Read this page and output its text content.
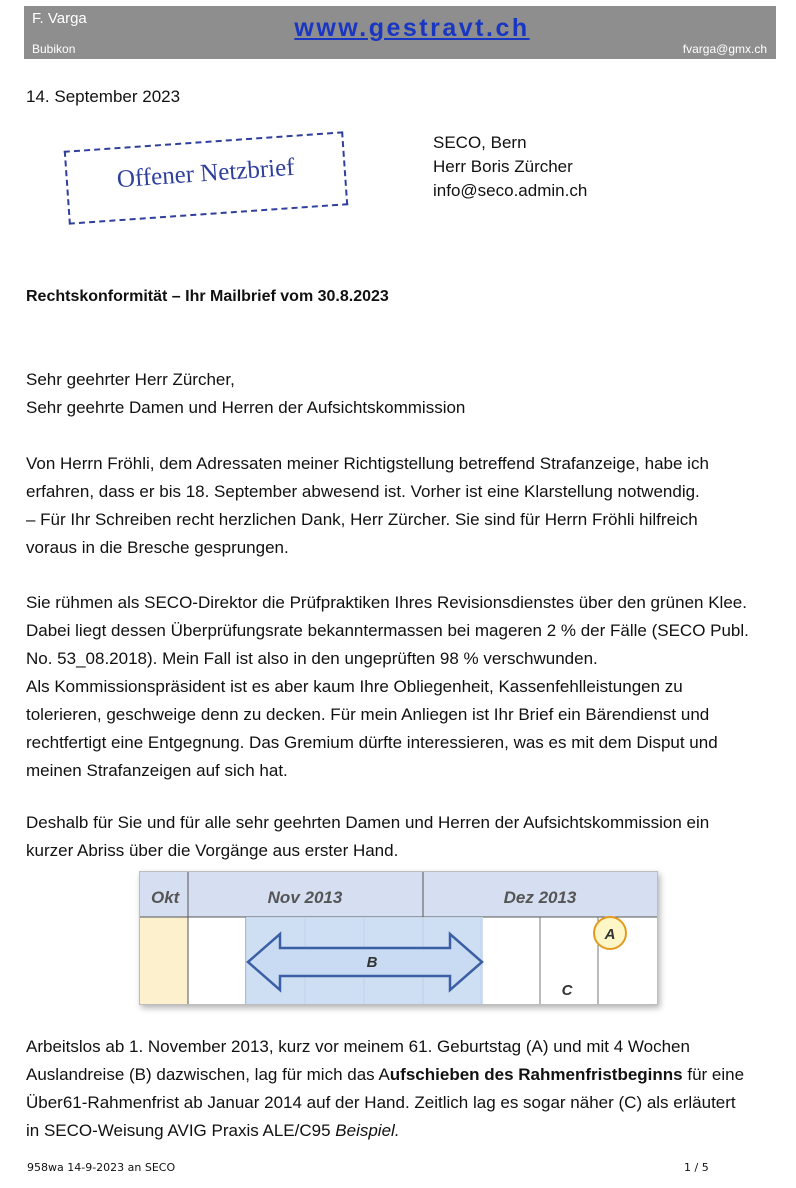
F. Varga
Bubikon
www.gestravt.ch
fvarga@gmx.ch

14. September 2023

Offener Netzbrief
SECO, Bern
Herr Boris Zürcher
info@seco.admin.ch

Rechtskonformität – Ihr Mailbrief vom 30.8.2023

Sehr geehrter Herr Zürcher,
Sehr geehrte Damen und Herren der Aufsichtskommission
Von Herrn Fröhli, dem Adressaten meiner Richtigstellung betreffend Strafanzeige, habe ich
erfahren, dass er bis 18. September abwesend ist. Vorher ist eine Klarstellung notwendig.
– Für Ihr Schreiben recht herzlichen Dank, Herr Zürcher. Sie sind für Herrn Fröhli hilfreich
voraus in die Bresche gesprungen.
Sie rühmen als SECO-Direktor die Prüfpraktiken Ihres Revisionsdienstes über den grünen Klee.
Dabei liegt dessen Überprüfungsrate bekanntermassen bei mageren 2 % der Fälle (SECO Publ.
No. 53_08.2018). Mein Fall ist also in den ungeprüften 98 % verschwunden.
Als Kommissionspräsident ist es aber kaum Ihre Obliegenheit, Kassenfehlleistungen zu
tolerieren, geschweige denn zu decken. Für mein Anliegen ist Ihr Brief ein Bärendienst und
rechtfertigt eine Entgegnung. Das Gremium dürfte interessieren, was es mit dem Disput und
meinen Strafanzeigen auf sich hat.
Deshalb für Sie und für alle sehr geehrten Damen und Herren der Aufsichtskommission ein
kurzer Abriss über die Vorgänge aus erster Hand.
Okt	Nov 2013	Dez 2013
B
A
C
Arbeitslos ab 1. November 2013, kurz vor meinem 61. Geburtstag (A) und mit 4 Wochen
Auslandreise (B) dazwischen, lag für mich das Aufschieben des Rahmenfristbeginns für eine
Über61-Rahmenfrist ab Januar 2014 auf der Hand. Zeitlich lag es sogar näher (C) als erläutert
in SECO-Weisung AVIG Praxis ALE/C95 Beispiel.
958wa 14-9-2023 an SECO	1 / 5
